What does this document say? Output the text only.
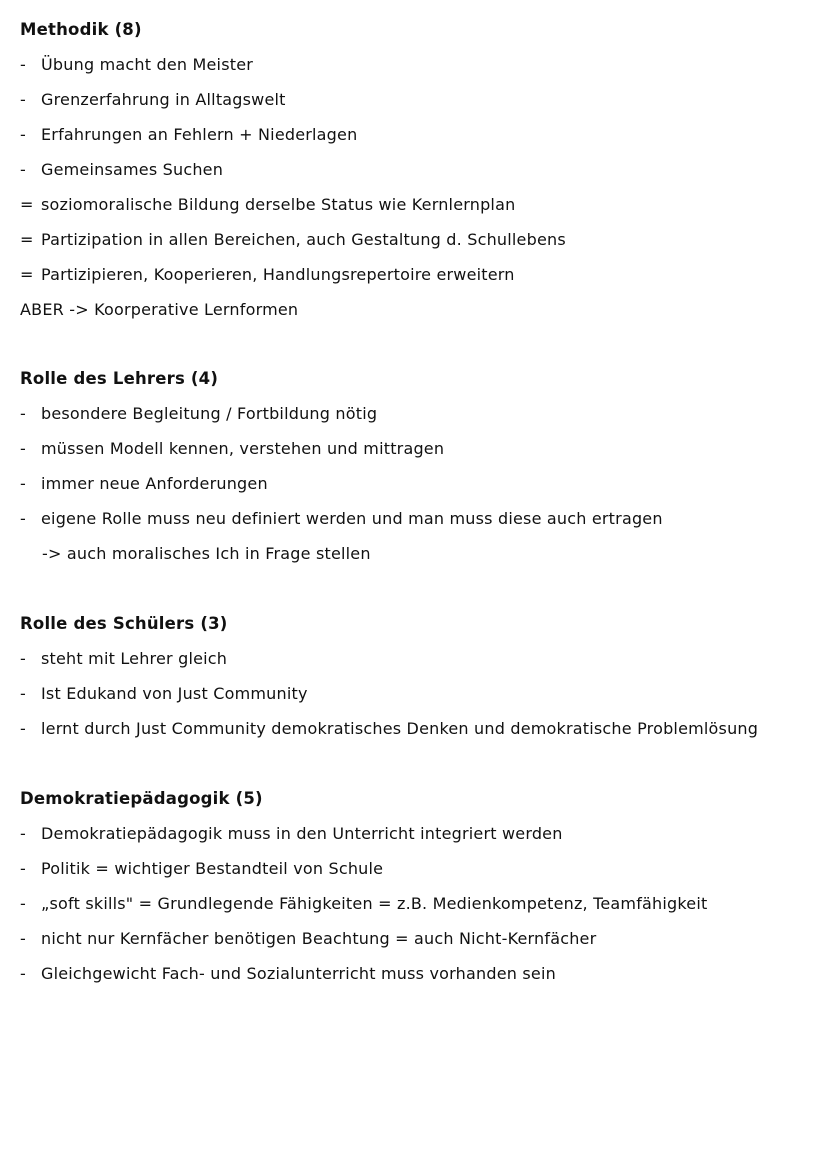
Methodik (8)
- Übung macht den Meister
- Grenzerfahrung in Alltagswelt
- Erfahrungen an Fehlern + Niederlagen
- Gemeinsames Suchen
= soziomoralische Bildung derselbe Status wie Kernlernplan
= Partizipation in allen Bereichen, auch Gestaltung d. Schullebens
= Partizipieren, Kooperieren, Handlungsrepertoire erweitern
ABER -> Koorperative Lernformen
Rolle des Lehrers (4)
- besondere Begleitung / Fortbildung nötig
- müssen Modell kennen, verstehen und mittragen
- immer neue Anforderungen
- eigene Rolle muss neu definiert werden und man muss diese auch ertragen
-> auch moralisches Ich in Frage stellen
Rolle des Schülers (3)
- steht mit Lehrer gleich
- Ist Edukand von Just Community
- lernt durch Just Community demokratisches Denken und demokratische Problemlösung
Demokratiepädagogik (5)
- Demokratiepädagogik muss in den Unterricht integriert werden
- Politik = wichtiger Bestandteil von Schule
- „soft skills" = Grundlegende Fähigkeiten = z.B. Medienkompetenz, Teamfähigkeit
- nicht nur Kernfächer benötigen Beachtung = auch Nicht-Kernfächer
- Gleichgewicht Fach- und Sozialunterricht muss vorhanden sein
